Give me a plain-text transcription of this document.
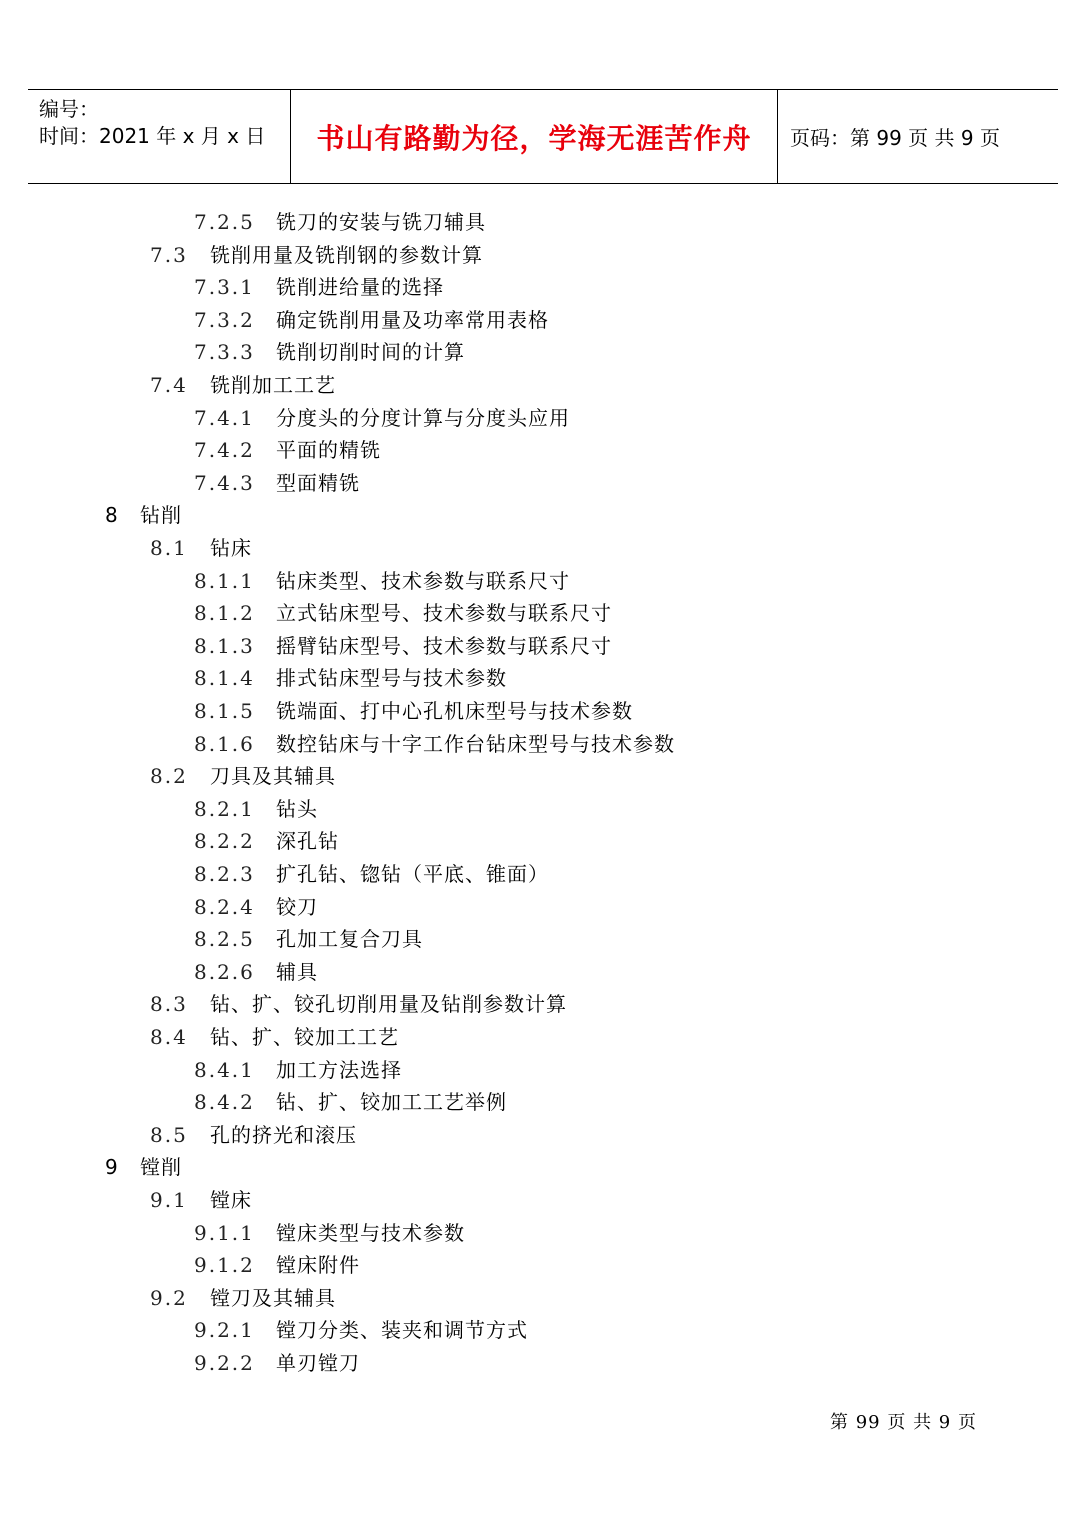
编号：
时间：2021 年 x 月 x 日 书山有路勤为径，学海无涯苦作舟 页码：第 99 页 共 9 页
7.2.5 铣刀的安装与铣刀辅具
7.3 铣削用量及铣削钢的参数计算
7.3.1 铣削进给量的选择
7.3.2 确定铣削用量及功率常用表格
7.3.3 铣削切削时间的计算
7.4 铣削加工工艺
7.4.1 分度头的分度计算与分度头应用
7.4.2 平面的精铣
7.4.3 型面精铣
8 钻削
8.1 钻床
8.1.1 钻床类型、技术参数与联系尺寸
8.1.2 立式钻床型号、技术参数与联系尺寸
8.1.3 摇臂钻床型号、技术参数与联系尺寸
8.1.4 排式钻床型号与技术参数
8.1.5 铣端面、打中心孔机床型号与技术参数
8.1.6 数控钻床与十字工作台钻床型号与技术参数
8.2 刀具及其辅具
8.2.1 钻头
8.2.2 深孔钻
8.2.3 扩孔钻、锪钻（平底、锥面）
8.2.4 铰刀
8.2.5 孔加工复合刀具
8.2.6 辅具
8.3 钻、扩、铰孔切削用量及钻削参数计算
8.4 钻、扩、铰加工工艺
8.4.1 加工方法选择
8.4.2 钻、扩、铰加工工艺举例
8.5 孔的挤光和滚压
9 镗削
9.1 镗床
9.1.1 镗床类型与技术参数
9.1.2 镗床附件
9.2 镗刀及其辅具
9.2.1 镗刀分类、装夹和调节方式
9.2.2 单刃镗刀
第 99 页 共 9 页
